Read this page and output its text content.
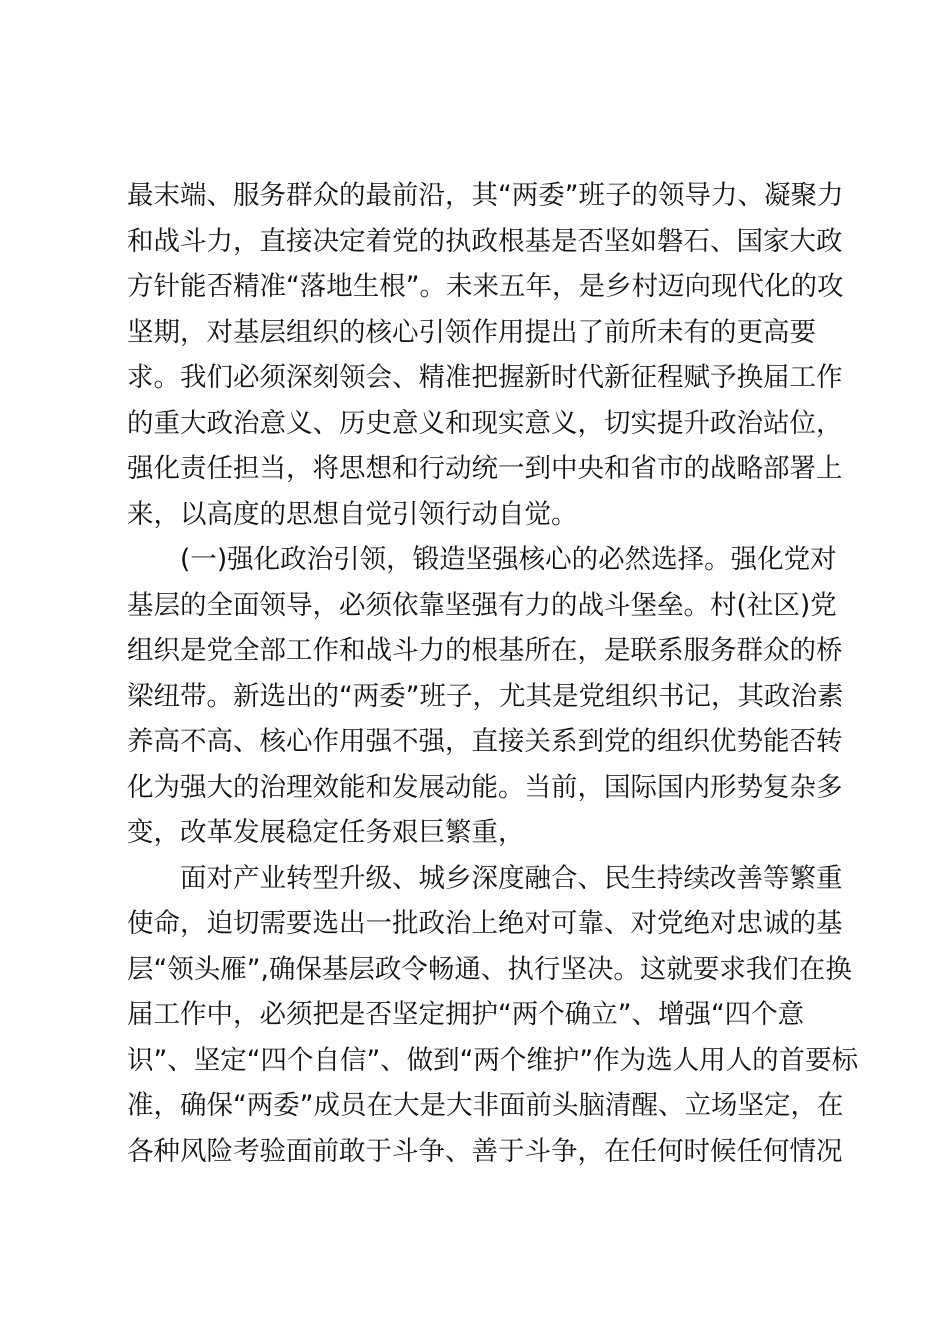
最末端、服务群众的最前沿，其“两委”班子的领导力、凝聚力
和战斗力，直接决定着党的执政根基是否坚如磐石、国家大政
方针能否精准“落地生根”。未来五年，是乡村迈向现代化的攻
坚期，对基层组织的核心引领作用提出了前所未有的更高要
求。我们必须深刻领会、精准把握新时代新征程赋予换届工作
的重大政治意义、历史意义和现实意义，切实提升政治站位，
强化责任担当，将思想和行动统一到中央和省市的战略部署上
来，以高度的思想自觉引领行动自觉。
(一)强化政治引领，锻造坚强核心的必然选择。强化党对
基层的全面领导，必须依靠坚强有力的战斗堡垒。村(社区)党
组织是党全部工作和战斗力的根基所在，是联系服务群众的桥
梁纽带。新选出的“两委”班子，尤其是党组织书记，其政治素
养高不高、核心作用强不强，直接关系到党的组织优势能否转
化为强大的治理效能和发展动能。当前，国际国内形势复杂多
变，改革发展稳定任务艰巨繁重，
面对产业转型升级、城乡深度融合、民生持续改善等繁重
使命，迫切需要选出一批政治上绝对可靠、对党绝对忠诚的基
层“领头雁”,确保基层政令畅通、执行坚决。这就要求我们在换
届工作中，必须把是否坚定拥护“两个确立”、增强“四个意
识”、坚定“四个自信”、做到“两个维护”作为选人用人的首要标
准，确保“两委”成员在大是大非面前头脑清醒、立场坚定，在
各种风险考验面前敢于斗争、善于斗争，在任何时候任何情况
